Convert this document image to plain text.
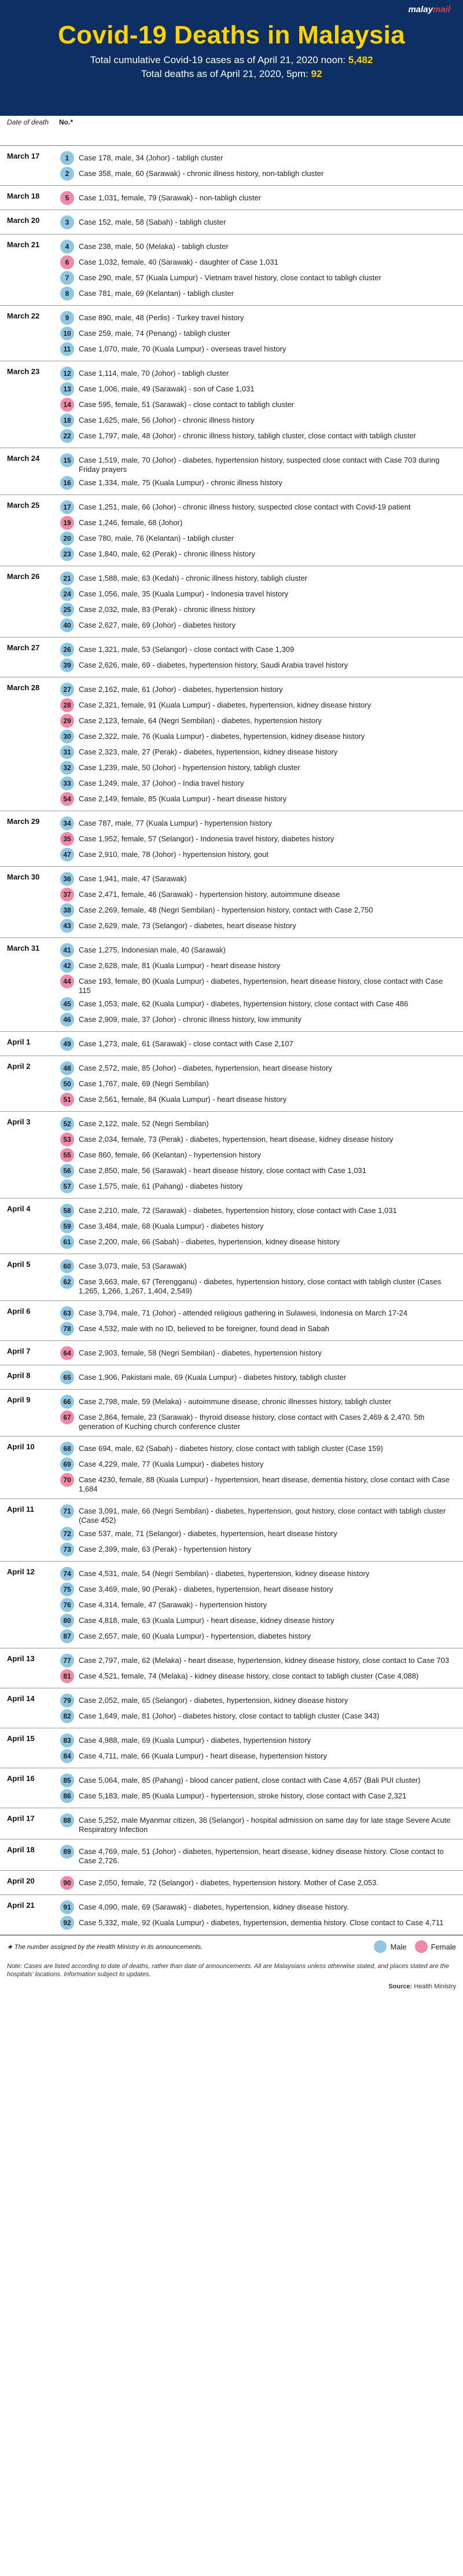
malaymail
Covid-19 Deaths in Malaysia
Total cumulative Covid-19 cases as of April 21, 2020 noon: 5,482
Total deaths as of April 21, 2020, 5pm: 92
Date of death	No.*
March 17	1	Case 178, male, 34 (Johor) - tabligh cluster
2	Case 358, male, 60 (Sarawak) - chronic illness history, non-tabligh cluster
March 18	5	Case 1,031, female, 79 (Sarawak) - non-tabligh cluster
March 20	3	Case 152, male, 58 (Sabah) - tabligh cluster
March 21	4	Case 238, male, 50 (Melaka) - tabligh cluster
6	Case 1,032, female, 40 (Sarawak) - daughter of Case 1,031
7	Case 290, male, 57 (Kuala Lumpur) - Vietnam travel history, close contact to tabligh cluster
8	Case 781, male, 69 (Kelantan) - tabligh cluster
March 22	9	Case 890, male, 48 (Perlis) - Turkey travel history
10	Case 259, male, 74 (Penang) - tabligh cluster
11	Case 1,070, male, 70 (Kuala Lumpur) - overseas travel history
March 23	12	Case 1,114, male, 70 (Johor) - tabligh cluster
13	Case 1,006, male, 49 (Sarawak) - son of Case 1,031
14	Case 595, female, 51 (Sarawak) - close contact to tabligh cluster
18	Case 1,625, male, 56 (Johor) - chronic illness history
22	Case 1,797, male, 48 (Johor) - chronic illness history, tabligh cluster, close contact with tabligh cluster
March 24	15	Case 1,519, male, 70 (Johor) - diabetes, hypertension history, suspected close contact with Case 703 during Friday prayers
16	Case 1,334, male, 75 (Kuala Lumpur) - chronic illness history
March 25	17	Case 1,251, male, 66 (Johor) - chronic illness history, suspected close contact with Covid-19 patient
19	Case 1,246, female, 68 (Johor)
20	Case 780, male, 76 (Kelantan) - tabligh cluster
23	Case 1,840, male, 62 (Perak) - chronic illness history
March 26	21	Case 1,588, male, 63 (Kedah) - chronic illness history, tabligh cluster
24	Case 1,056, male, 35 (Kuala Lumpur) - Indonesia travel history
25	Case 2,032, male, 83 (Perak) - chronic illness history
40	Case 2,627, male, 69 (Johor) - diabetes history
March 27	26	Case 1,321, male, 53 (Selangor) - close contact with Case 1,309
39	Case 2,626, male, 69 - diabetes, hypertension history, Saudi Arabia travel history
March 28	27	Case 2,162, male, 61 (Johor) - diabetes, hypertension history
28	Case 2,321, female, 91 (Kuala Lumpur) - diabetes, hypertension, kidney disease history
29	Case 2,123, female, 64 (Negri Sembilan) - diabetes, hypertension history
30	Case 2,322, male, 76 (Kuala Lumpur) - diabetes, hypertension, kidney disease history
31	Case 2,323, male, 27 (Perak) - diabetes, hypertension, kidney disease history
32	Case 1,239, male, 50 (Johor) - hypertension history, tabligh cluster
33	Case 1,249, male, 37 (Johor) - India travel history
54	Case 2,149, female, 85 (Kuala Lumpur) - heart disease history
March 29	34	Case 787, male, 77 (Kuala Lumpur) - hypertension history
35	Case 1,952, female, 57 (Selangor) - Indonesia travel history, diabetes history
47	Case 2,910, male, 78 (Johor) - hypertension history, gout
March 30	36	Case 1,941, male, 47 (Sarawak)
37	Case 2,471, female, 46 (Sarawak) - hypertension history, autoimmune disease
38	Case 2,269, female, 48 (Negri Sembilan) - hypertension history, contact with Case 2,750
43	Case 2,629, male, 73 (Selangor) - diabetes, heart disease history
March 31	41	Case 1,275, Indonesian male, 40 (Sarawak)
42	Case 2,628, male, 81 (Kuala Lumpur) - heart disease history
44	Case 193, female, 80 (Kuala Lumpur) - diabetes, hypertension, heart disease history, close contact with Case 115
45	Case 1,053, male, 62 (Kuala Lumpur) - diabetes, hypertension history, close contact with Case 486
46	Case 2,909, male, 37 (Johor) - chronic illness history, low immunity
April 1	49	Case 1,273, male, 61 (Sarawak) - close contact with Case 2,107
April 2	48	Case 2,572, male, 85 (Johor) - diabetes, hypertension, heart disease history
50	Case 1,767, male, 69 (Negri Sembilan)
51	Case 2,561, female, 84 (Kuala Lumpur) - heart disease history
April 3	52	Case 2,122, male, 52 (Negri Sembilan)
53	Case 2,034, female, 73 (Perak) - diabetes, hypertension, heart disease, kidney disease history
55	Case 860, female, 66 (Kelantan) - hypertension history
56	Case 2,850, male, 56 (Sarawak) - heart disease history, close contact with Case 1,031
57	Case 1,575, male, 61 (Pahang) - diabetes history
April 4	58	Case 2,210, male, 72 (Sarawak) - diabetes, hypertension history, close contact with Case 1,031
59	Case 3,484, male, 68 (Kuala Lumpur) - diabetes history
61	Case 2,200, male, 66 (Sabah) - diabetes, hypertension, kidney disease history
April 5	60	Case 3,073, male, 53 (Sarawak)
62	Case 3,663, male, 67 (Terengganu) - diabetes, hypertension history, close contact with tabligh cluster (Cases 1,265, 1,266, 1,267, 1,404, 2,549)
April 6	63	Case 3,794, male, 71 (Johor) - attended religious gathering in Sulawesi, Indonesia on March 17-24
78	Case 4,532, male with no ID, believed to be foreigner, found dead in Sabah
April 7	64	Case 2,903, female, 58 (Negri Sembilan) - diabetes, hypertension history
April 8	65	Case 1,906, Pakistani male, 69 (Kuala Lumpur) - diabetes history, tabligh cluster
April 9	66	Case 2,798, male, 59 (Melaka) - autoimmune disease, chronic illnesses history, tabligh cluster
67	Case 2,864, female, 23 (Sarawak) - thyroid disease history, close contact with Cases 2,469 & 2,470. 5th generation of Kuching church conference cluster
April 10	68	Case 694, male, 62 (Sabah) - diabetes history, close contact with tabligh cluster (Case 159)
69	Case 4,229, male, 77 (Kuala Lumpur) - diabetes history
70	Case 4230, female, 88 (Kuala Lumpur) - hypertension, heart disease, dementia history, close contact with Case 1,684
April 11	71	Case 3,091, male, 66 (Negri Sembilan) - diabetes, hypertension, gout history, close contact with tabligh cluster (Case 452)
72	Case 537, male, 71 (Selangor) - diabetes, hypertension, heart disease history
73	Case 2,399, male, 63 (Perak) - hypertension history
April 12	74	Case 4,531, male, 54 (Negri Sembilan) - diabetes, hypertension, kidney disease history
75	Case 3,469, male, 90 (Perak) - diabetes, hypertension, heart disease history
76	Case 4,314, female, 47 (Sarawak) - hypertension history
80	Case 4,818, male, 63 (Kuala Lumpur) - heart disease, kidney disease history
87	Case 2,657, male, 60 (Kuala Lumpur) - hypertension, diabetes history
April 13	77	Case 2,797, male, 62 (Melaka) - heart disease, hypertension, kidney disease history, close contact to Case 703
81	Case 4,521, female, 74 (Melaka) - kidney disease history, close contact to tabligh cluster (Case 4,088)
April 14	79	Case 2,052, male, 65 (Selangor) - diabetes, hypertension, kidney disease history
82	Case 1,649, male, 81 (Johor) - diabetes history, close contact to tabligh cluster (Case 343)
April 15	83	Case 4,988, male, 69 (Kuala Lumpur) - diabetes, hypertension history
84	Case 4,711, male, 66 (Kuala Lumpur) - heart disease, hypertension history
April 16	85	Case 5,064, male, 85 (Pahang) - blood cancer patient, close contact with Case 4,657 (Bali PUI cluster)
86	Case 5,183, male, 85 (Kuala Lumpur) - hypertension, stroke history, close contact with Case 2,321
April 17	88	Case 5,252, male Myanmar citizen, 36 (Selangor) - hospital admission on same day for late stage Severe Acute Respiratory Infection
April 18	89	Case 4,769, male, 51 (Johor) - diabetes, hypertension, heart disease, kidney disease history. Close contact to Case 2,726.
April 20	90	Case 2,050, female, 72 (Selangor) - diabetes, hypertension history. Mother of Case 2,053.
April 21	91	Case 4,090, male, 69 (Sarawak) - diabetes, hypertension, kidney disease history.
92	Case 5,332, male, 92 (Kuala Lumpur) - diabetes, hypertension, dementia history. Close contact to Case 4,711
★ The number assigned by the Health Ministry in its announcements.	Male	Female
Note: Cases are listed according to date of deaths, rather than date of announcements. All are Malaysians unless otherwise stated, and places stated are the hospitals' locations. Information subject to updates.
Source: Health Ministry
